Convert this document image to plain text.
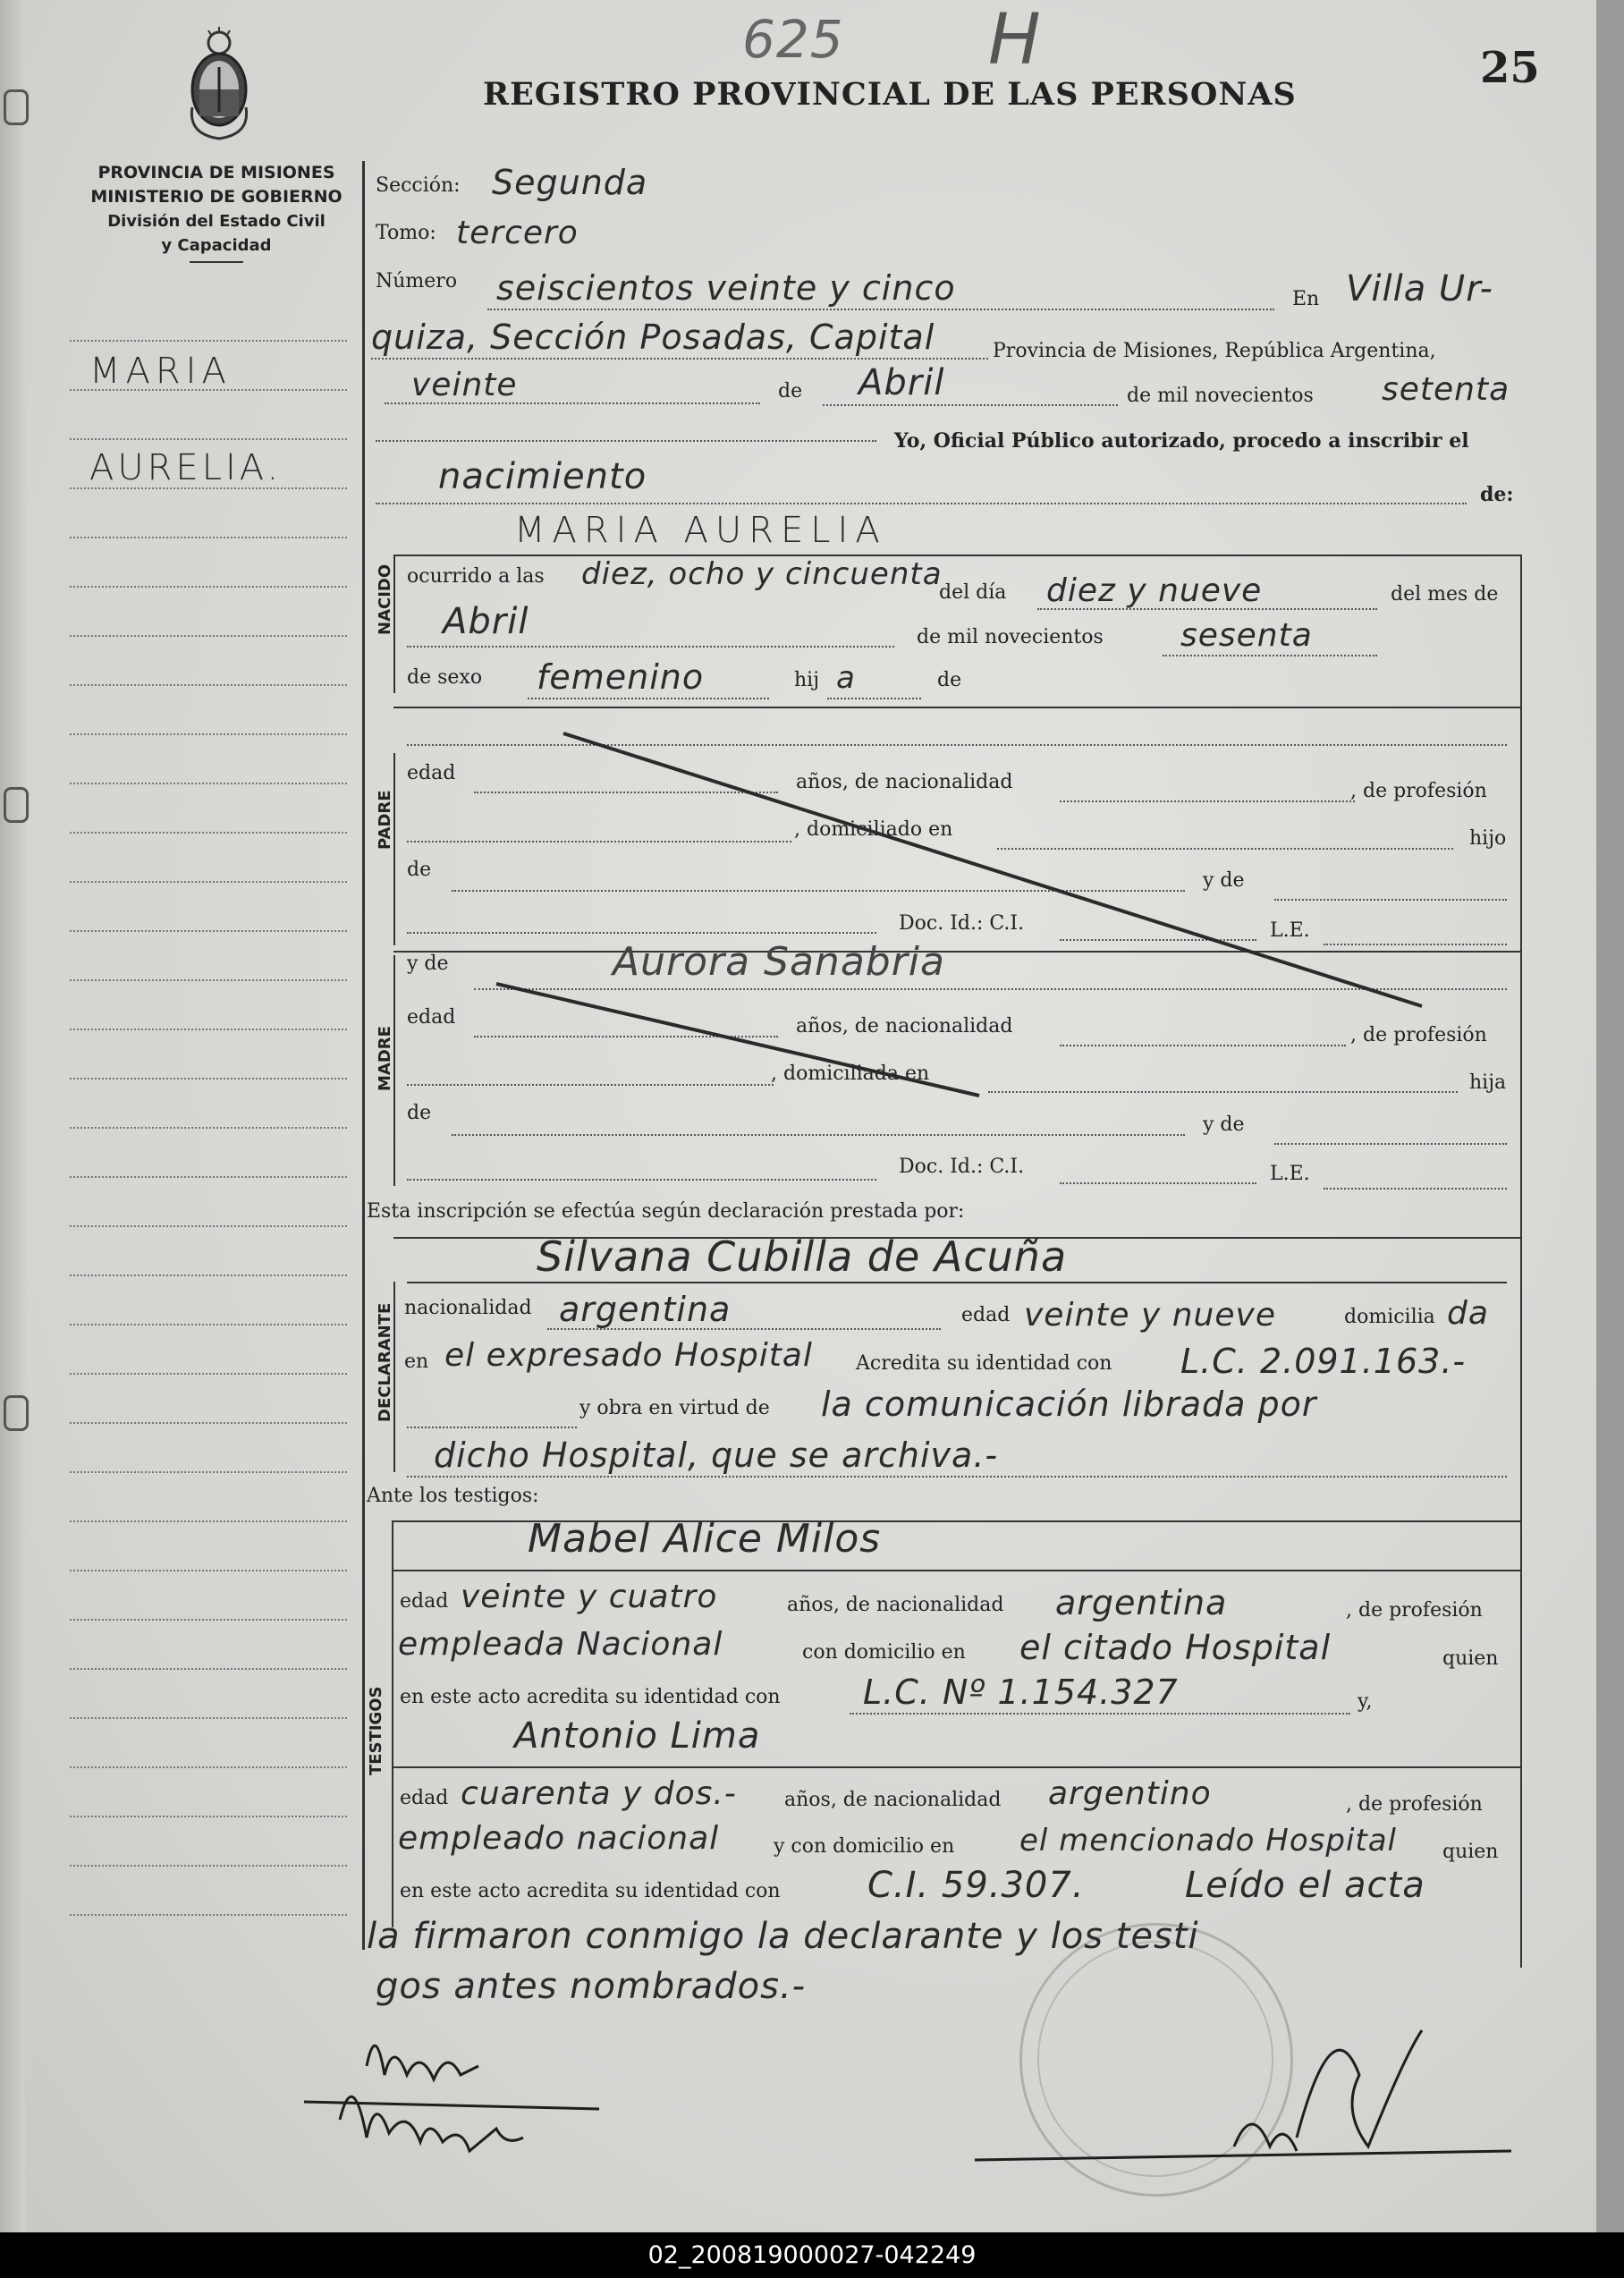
PROVINCIA DE MISIONES
MINISTERIO DE GOBIERNO
División del Estado Civil
y Capacidad
625 H	25
REGISTRO PROVINCIAL DE LAS PERSONAS
MARIA
AURELIA.
Sección: Segunda
Tomo: tercero
Número seiscientos veinte y cinco	En Villa Ur-
quiza, Sección Posadas, Capital	Provincia de Misiones, República Argentina,
veinte	de Abril	de mil novecientos setenta
Yo, Oficial Público autorizado, procedo a inscribir el
nacimiento	de:
NACIDO
MARIA AURELIA
ocurrido a las diez, ocho y cincuenta
del día diez y nueve	del mes de
Abril	de mil novecientos sesenta
de sexo femenino	hij a	de
PADRE
edad	años, de nacionalidad	, de profesión
, domiciliado en	hijo
de	y de
Doc. Id.: C.I.	L.E.
MADRE
y de	Aurora Sanabria
edad	años, de nacionalidad	, de profesión
, domiciliada en	hija
de
y de
Doc. Id.: C.I.	L.E.
Esta inscripción se efectúa según declaración prestada por:
DECLARANTE
Silvana Cubilla de Acuña
nacionalidad argentina	edad veinte y nueve	domicilia da
en el expresado Hospital Acredita su identidad con L.C. 2.091.163.-
y obra en virtud de la comunicación librada por
dicho Hospital, que se archiva.-
Ante los testigos:
TESTIGOS
Mabel Alice Milos
edad veinte y cuatro	años, de nacionalidad argentina	, de profesión
empleada Nacional	con domicilio en el citado Hospital	quien
en este acto acredita su identidad con L.C. Nº 1.154.327	y,
Antonio Lima
edad cuarenta y dos.- años, de nacionalidad argentino	, de profesión
empleado nacional	y con domicilio en el mencionado Hospital quien
en este acto acredita su identidad con C.I. 59.307.	Leído el acta
la firmaron conmigo la declarante y los testi
gos antes nombrados.-
02_200819000027-042249
